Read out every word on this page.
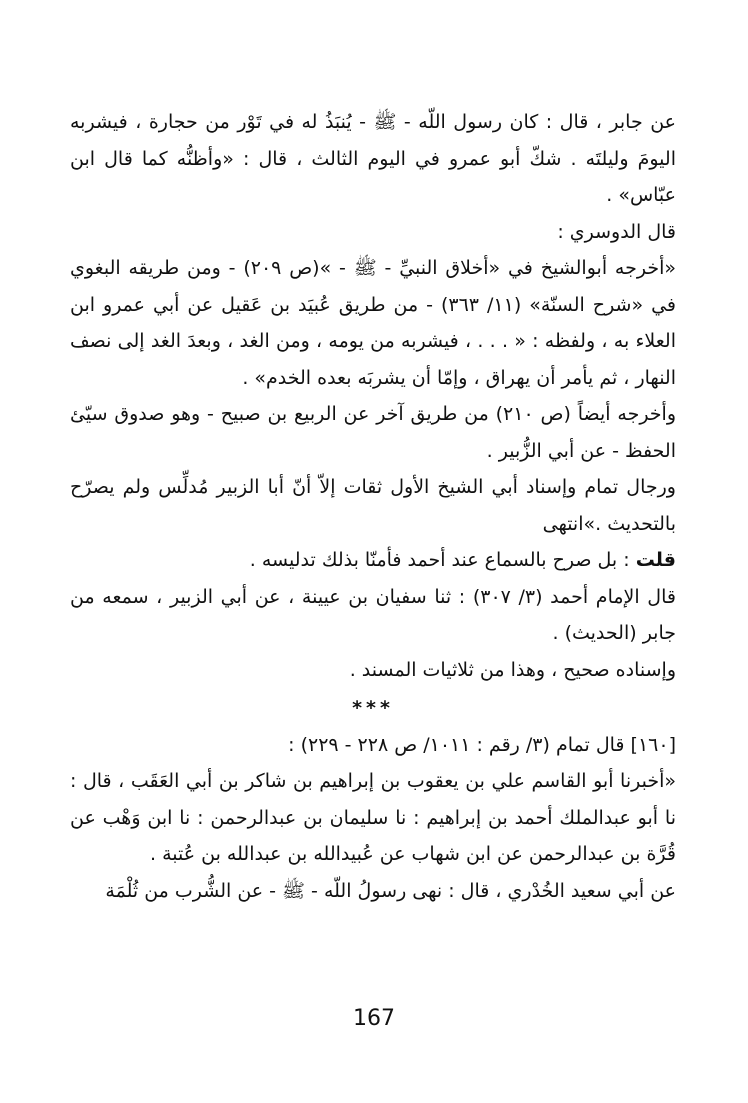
عن جابر ، قال : كان رسول اللّه - ﷺ - يُنبَذُ له في تَوْر من حجارة ، فيشربه اليومَ وليلتَه . شكّ أبو عمرو في اليوم الثالث ، قال : «وأظنُّه كما قال ابن عبّاس» .

قال الدوسري :

«أخرجه أبوالشيخ في «أخلاق النبيِّ - ﷺ - »(ص ٢٠٩) - ومن طريقه البغوي في «شرح السنّة» (١١/ ٣٦٣) - من طريق عُبيَد بن عَقيل عن أبي عمرو ابن العلاء به ، ولفظه : « . . . ، فيشربه من يومه ، ومن الغد ، وبعدَ الغد إلى نصف النهار ، ثم يأمر أن يهراق ، وإمّا أن يشربَه بعده الخدم» .

وأخرجه أيضاً (ص ٢١٠) من طريق آخر عن الربيع بن صبيح - وهو صدوق سيّئ الحفظ - عن أبي الزُّبير .

ورجال تمام وإسناد أبي الشيخ الأول ثقات إلاّ أنّ أبا الزبير مُدلِّس ولم يصرّح بالتحديث .»انتهى

قلت : بل صرح بالسماع عند أحمد فأمنّا بذلك تدليسه .

قال الإمام أحمد (٣/ ٣٠٧) : ثنا سفيان بن عيينة ، عن أبي الزبير ، سمعه من جابر (الحديث) .

وإسناده صحيح ، وهذا من ثلاثيات المسند .

***

[١٦٠] قال تمام (٣/ رقم : ١٠١١/ ص ٢٢٨ - ٢٢٩) :

«أخبرنا أبو القاسم علي بن يعقوب بن إبراهيم بن شاكر بن أبي العَقَب ، قال : نا أبو عبدالملك أحمد بن إبراهيم : نا سليمان بن عبدالرحمن : نا ابن وَهْب عن قُرَّة بن عبدالرحمن عن ابن شهاب عن عُبيدالله بن عبدالله بن عُتبة .

عن أبي سعيد الخُدْري ، قال : نهى رسولُ اللّه - ﷺ - عن الشُّرب من ثُلْمَة

167
